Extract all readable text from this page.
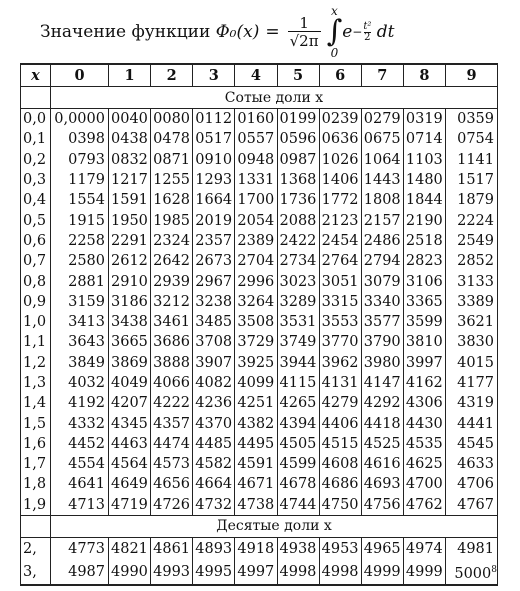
Значение функции
$\Phi_0(x) = \frac{1}{√2\pi}$
x
∫
0
$e - \frac{\text{t²}}{2}$
dt
x	0	1	2	3	4	5	6	7	8	9
	Сотые доли x									
0,0	0,0000	0040	0080	0112	0160	0199	0239	0279	0319	0359
0,1	0398	0438	0478	0517	0557	0596	0636	0675	0714	0754
0,2	0793	0832	0871	0910	0948	0987	1026	1064	1103	1141
0,3	1179	1217	1255	1293	1331	1368	1406	1443	1480	1517
0,4	1554	1591	1628	1664	1700	1736	1772	1808	1844	1879
0,5	1915	1950	1985	2019	2054	2088	2123	2157	2190	2224
0,6	2258	2291	2324	2357	2389	2422	2454	2486	2518	2549
0,7	2580	2612	2642	2673	2704	2734	2764	2794	2823	2852
0,8	2881	2910	2939	2967	2996	3023	3051	3079	3106	3133
0,9	3159	3186	3212	3238	3264	3289	3315	3340	3365	3389
1,0	3413	3438	3461	3485	3508	3531	3553	3577	3599	3621
1,1	3643	3665	3686	3708	3729	3749	3770	3790	3810	3830
1,2	3849	3869	3888	3907	3925	3944	3962	3980	3997	4015
1,3	4032	4049	4066	4082	4099	4115	4131	4147	4162	4177
1,4	4192	4207	4222	4236	4251	4265	4279	4292	4306	4319
1,5	4332	4345	4357	4370	4382	4394	4406	4418	4430	4441
1,6	4452	4463	4474	4485	4495	4505	4515	4525	4535	4545
1,7	4554	4564	4573	4582	4591	4599	4608	4616	4625	4633
1,8	4641	4649	4656	4664	4671	4678	4686	4693	4700	4706
1,9	4713	4719	4726	4732	4738	4744	4750	4756	4762	4767
	Десятые доли x									
2,	4773	4821	4861	4893	4918	4938	4953	4965	4974	4981
3,	4987	4990	4993	4995	4997	4998	4998	4999	4999	5000$^8$
